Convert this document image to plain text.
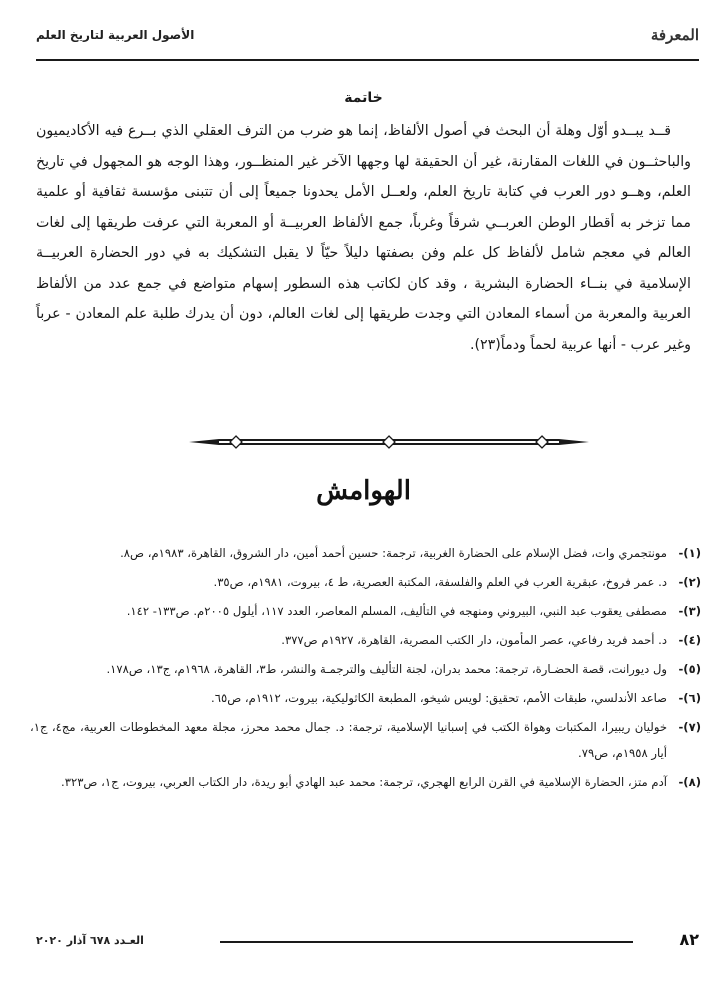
المعرفة
الأصول العربية لتاريخ العلم
خاتمة

قــد يبــدو أوّل وهلة أن البحث في أصول الألفاظ، إنما هو ضرب من الترف العقلي الذي بــرع فيه الأكاديميون والباحثــون في اللغات المقارنة، غير أن الحقيقة لها وجهها الآخر غير المنظــور، وهذا الوجه هو المجهول في تاريخ العلم، وهــو دور العرب في كتابة تاريخ العلم، ولعــل الأمل يحدونا جميعاً إلى أن تتبنى مؤسسة ثقافية أو علمية مما تزخر به أقطار الوطن العربــي شرقاً وغرباً، جمع الألفاظ العربيــة أو المعربة التي عرفت طريقها إلى لغات العالم في معجم شامل لألفاظ كل علم وفن بصفتها دليلاً حيّاً لا يقبل التشكيك به في دور الحضارة العربيــة الإسلامية في بنــاء الحضارة البشرية ، وقد كان لكاتب هذه السطور إسهام متواضع في جمع عدد من الألفاظ العربية والمعربة من أسماء المعادن التي وجدت طريقها إلى لغات العالم، دون أن يدرك طلبة علم المعادن - عرباً وغير عرب - أنها عربية لحماً ودماً(٢٣).

الهوامش
(١)-
مونتجمري وات، فضل الإسلام على الحضارة الغربية، ترجمة: حسين أحمد أمين، دار الشروق، القاهرة، ١٩٨٣م، ص٨.
(٢)-
د. عمر فروخ، عبقرية العرب في العلم والفلسفة، المكتبة العصرية، ط ٤، بيروت، ١٩٨١م، ص٣٥.
(٣)-
مصطفى يعقوب عبد النبي، البيروني ومنهجه في التأليف، المسلم المعاصر، العدد ١١٧، أيلول ٢٠٠٥م. ص١٣٣- ١٤٢.
(٤)-
د. أحمد فريد رفاعي، عصر المأمون، دار الكتب المصرية، القاهرة، ١٩٢٧م ص٣٧٧.
(٥)-
ول ديورانت، قصة الحضـارة، ترجمة: محمد بدران، لجنة التأليف والترجمـة والنشر، ط٣، القاهرة، ١٩٦٨م، ج١٣، ص١٧٨.
(٦)-
صاعد الأندلسي، طبقات الأمم، تحقيق: لويس شيخو، المطبعة الكاثوليكية، بيروت، ١٩١٢م، ص٦٥.
(٧)-
خوليان ريبيرا، المكتبات وهواة الكتب في إسبانيا الإسلامية، ترجمة: د. جمال محمد محرز، مجلة معهد المخطوطات العربية، مج٤، ج١، أيار ١٩٥٨م، ص٧٩.
(٨)-
آدم متز، الحضارة الإسلامية في القرن الرابع الهجري، ترجمة: محمد عبد الهادي أبو ريدة، دار الكتاب العربي، بيروت، ج١، ص٣٢٣.
٨٢
العـدد ٦٧٨ آذار ٢٠٢٠
